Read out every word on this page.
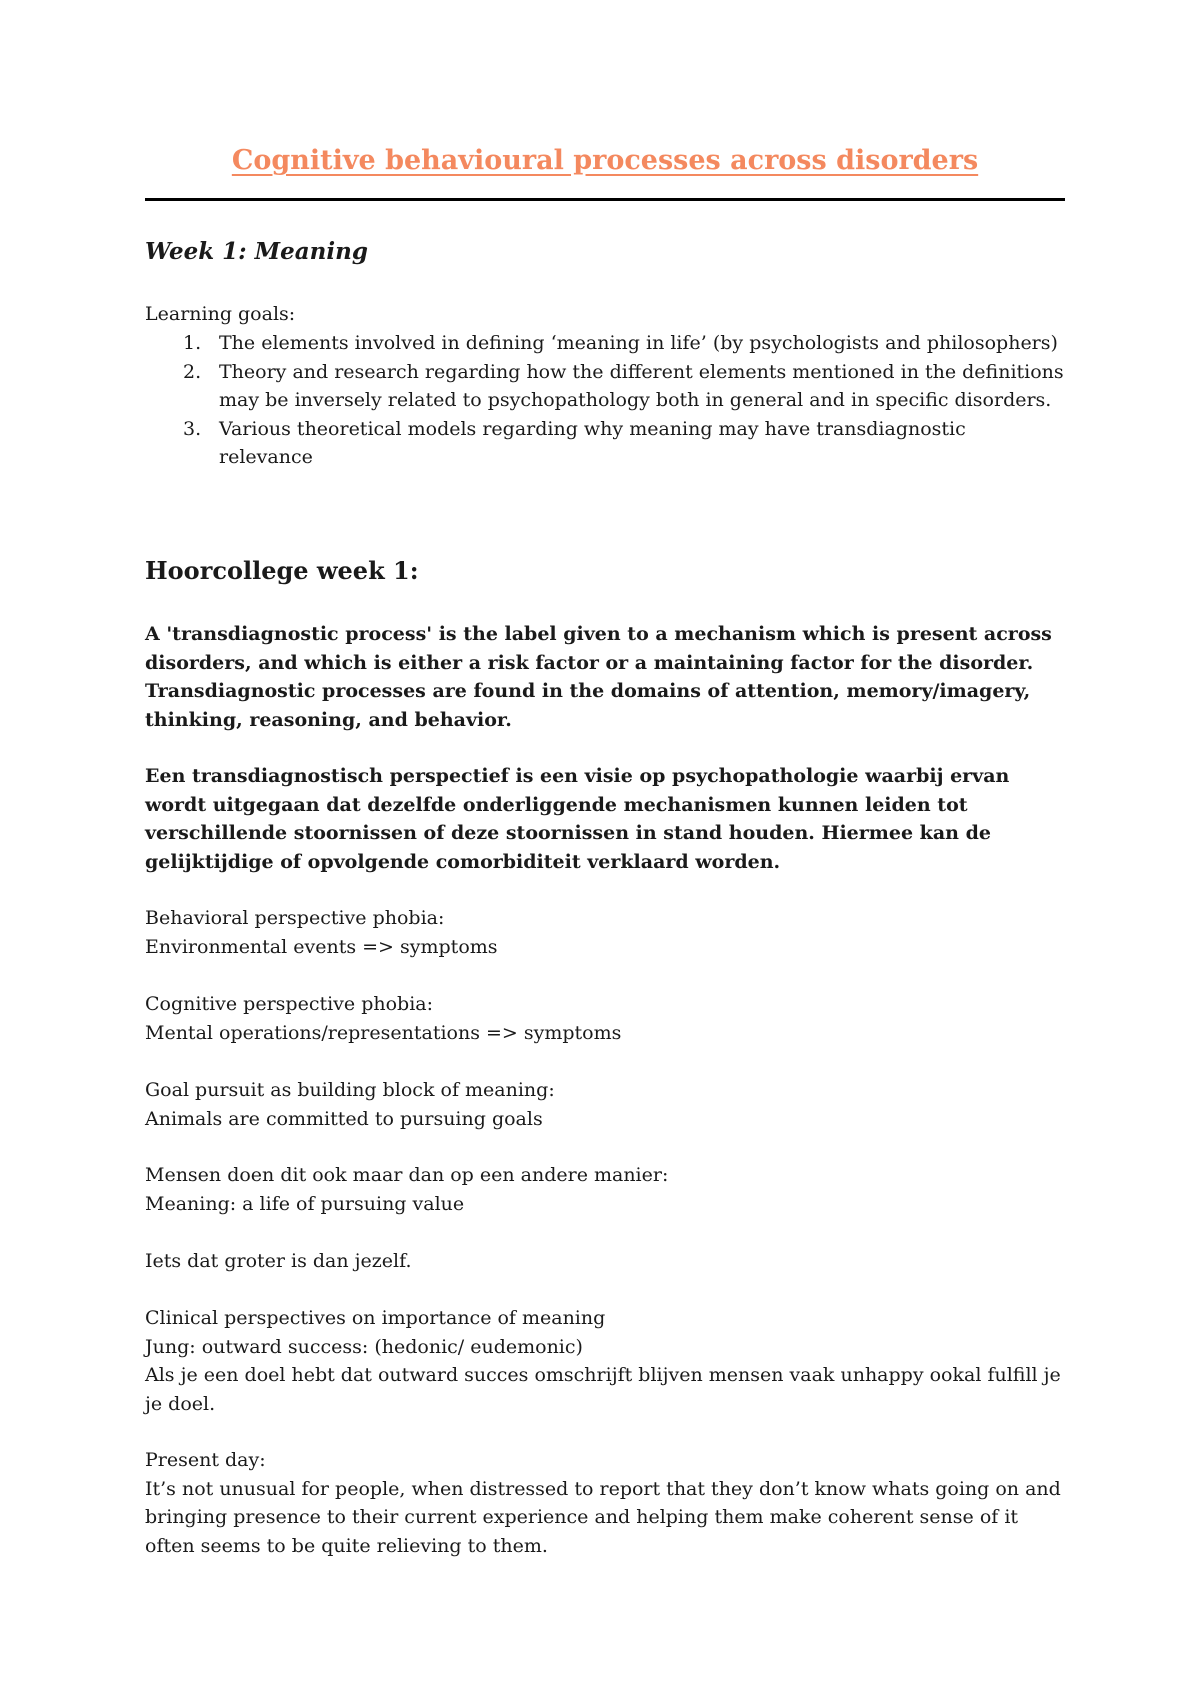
Cognitive behavioural processes across disorders
Week 1: Meaning

Learning goals:

1. The elements involved in defining ‘meaning in life’ (by psychologists and philosophers)
2. Theory and research regarding how the different elements mentioned in the definitions may be inversely related to psychopathology both in general and in specific disorders.
3. Various theoretical models regarding why meaning may have transdiagnostic relevance
Hoorcollege week 1:

A 'transdiagnostic process' is the label given to a mechanism which is present across disorders, and which is either a risk factor or a maintaining factor for the disorder. Transdiagnostic processes are found in the domains of attention, memory/imagery, thinking, reasoning, and behavior.

Een transdiagnostisch perspectief is een visie op psychopathologie waarbij ervan wordt uitgegaan dat dezelfde onderliggende mechanismen kunnen leiden tot verschillende stoornissen of deze stoornissen in stand houden. Hiermee kan de gelijktijdige of opvolgende comorbiditeit verklaard worden.

Behavioral perspective phobia:
Environmental events => symptoms

Cognitive perspective phobia:
Mental operations/representations => symptoms

Goal pursuit as building block of meaning:
Animals are committed to pursuing goals

Mensen doen dit ook maar dan op een andere manier:
Meaning: a life of pursuing value

Iets dat groter is dan jezelf.

Clinical perspectives on importance of meaning
Jung: outward success: (hedonic/ eudemonic)
Als je een doel hebt dat outward succes omschrijft blijven mensen vaak unhappy ookal fulfill je je doel.

Present day:
It’s not unusual for people, when distressed to report that they don’t know whats going on and bringing presence to their current experience and helping them make coherent sense of it often seems to be quite relieving to them.
